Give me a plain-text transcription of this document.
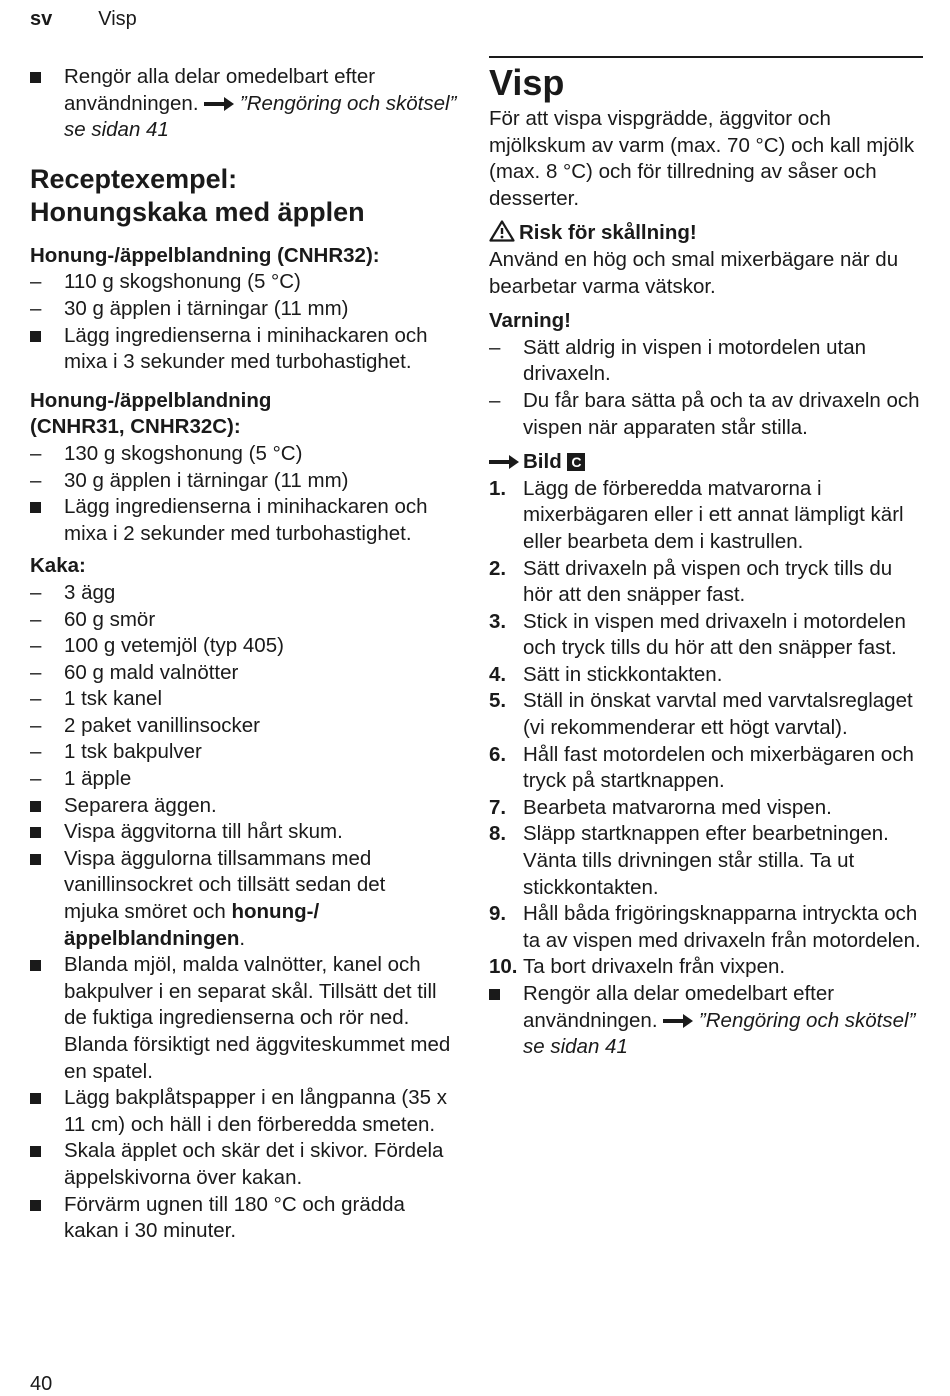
sv Visp
Rengör alla delar omedelbart efter användningen.  ”Rengöring och skötsel” se sidan 41
Receptexempel:
Honungskaka med äpplen
Honung-/äppelblandning (CNHR32):
– 110 g skogshonung (5 °C)
– 30 g äpplen i tärningar (11 mm)
Lägg ingredienserna i minihackaren och mixa i 3 sekunder med turbohastighet.
Honung-/äppelblandning
(CNHR31, CNHR32C):
– 130 g skogshonung (5 °C)
– 30 g äpplen i tärningar (11 mm)
Lägg ingredienserna i minihackaren och mixa i 2 sekunder med turbohastighet.
Kaka:
– 3 ägg
– 60 g smör
– 100 g vetemjöl (typ 405)
– 60 g mald valnötter
– 1 tsk kanel
– 2 paket vanillinsocker
– 1 tsk bakpulver
– 1 äpple
Separera äggen.
Vispa äggvitorna till hårt skum.
Vispa äggulorna tillsammans med vanillinsockret och tillsätt sedan det mjuka smöret och honung-/ äppelblandningen.
Blanda mjöl, malda valnötter, kanel och bakpulver i en separat skål. Tillsätt det till de fuktiga ingredienserna och rör ned. Blanda försiktigt ned äggviteskummet med en spatel.
Lägg bakplåtspapper i en långpanna (35 x 11 cm) och häll i den förberedda smeten.
Skala äpplet och skär det i skivor. Fördela äppelskivorna över kakan.
Förvärm ugnen till 180 °C och grädda kakan i 30 minuter.
Visp
För att vispa vispgrädde, äggvitor och mjölkskum av varm (max. 70 °C) och kall mjölk (max. 8 °C) och för tillredning av såser och desserter.
Risk för skållning!
Använd en hög och smal mixerbägare när du bearbetar varma vätskor.
Varning!
– Sätt aldrig in vispen i motordelen utan drivaxeln.
– Du får bara sätta på och ta av drivaxeln och vispen när apparaten står stilla.
Bild C
1. Lägg de förberedda matvarorna i mixerbägaren eller i ett annat lämpligt kärl eller bearbeta dem i kastrullen.
2. Sätt drivaxeln på vispen och tryck tills du hör att den snäpper fast.
3. Stick in vispen med drivaxeln i motordelen och tryck tills du hör att den snäpper fast.
4. Sätt in stickkontakten.
5. Ställ in önskat varvtal med varvtalsreglaget (vi rekommenderar ett högt varvtal).
6. Håll fast motordelen och mixerbägaren och tryck på startknappen.
7. Bearbeta matvarorna med vispen.
8. Släpp startknappen efter bearbetningen. Vänta tills drivningen står stilla. Ta ut stickkontakten.
9. Håll båda frigöringsknapparna intryckta och ta av vispen med drivaxeln från motordelen.
10. Ta bort drivaxeln från vixpen.
Rengör alla delar omedelbart efter användningen.  ”Rengöring och skötsel” se sidan 41
40
